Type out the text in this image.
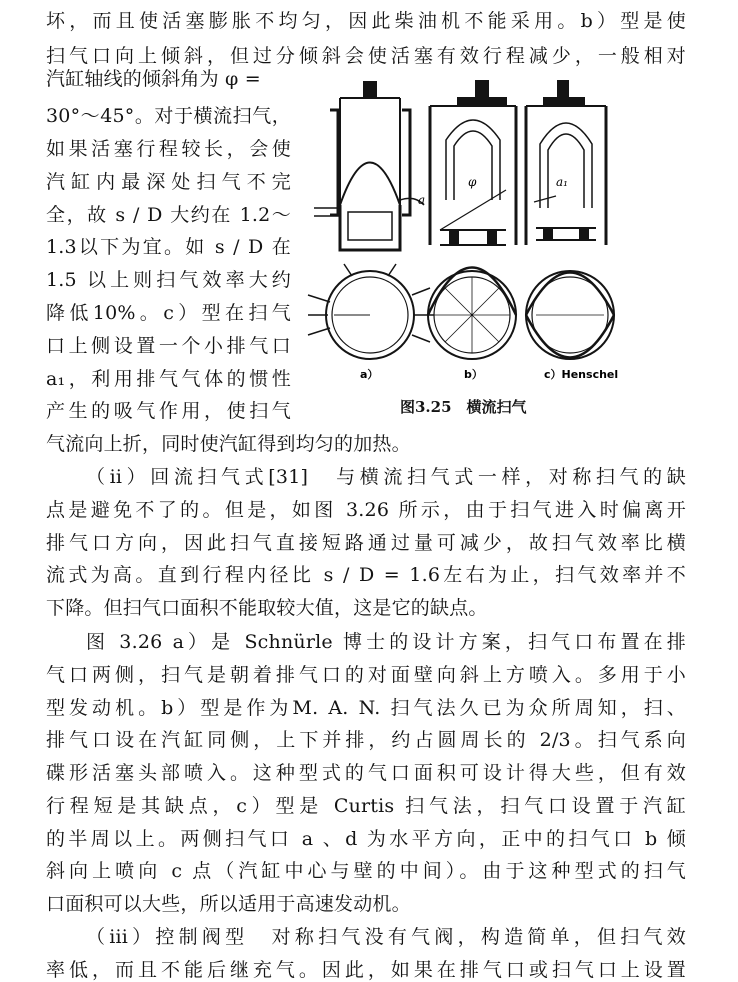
坏，而且使活塞膨胀不均匀，因此柴油机不能采用。b）型是使

扫气口向上倾斜，但过分倾斜会使活塞有效行程减少，一般相对

汽缸轴线的倾斜角为 φ =

30°～45°。对于横流扫气，

如果活塞行程较长，会使

汽缸内最深处扫气不完

全，故 s / D 大约在 1.2～

1.3以下为宜。如 s / D 在

1.5 以上则扫气效率大约

降低10%。c）型在扫气

口上侧设置一个小排气口

a₁，利用排气气体的惯性

产生的吸气作用，使扫气

气流向上折，同时使汽缸得到均匀的加热。

（ii）回流扫气式[31]　与横流扫气式一样，对称扫气的缺

点是避免不了的。但是，如图 3.26 所示，由于扫气进入时偏离开

排气口方向，因此扫气直接短路通过量可减少，故扫气效率比横

流式为高。直到行程内径比 s / D = 1.6左右为止，扫气效率并不

下降。但扫气口面积不能取较大值，这是它的缺点。

图 3.26 a）是 Schnürle 博士的设计方案，扫气口布置在排

气口两侧，扫气是朝着排气口的对面壁向斜上方喷入。多用于小

型发动机。b）型是作为M. A. N. 扫气法久已为众所周知，扫、

排气口设在汽缸同侧，上下并排，约占圆周长的 2/3。扫气系向

碟形活塞头部喷入。这种型式的气口面积可设计得大些，但有效

行程短是其缺点，c）型是 Curtis 扫气法，扫气口设置于汽缸

的半周以上。两侧扫气口 a 、d 为水平方向，正中的扫气口 b 倾

斜向上喷向 c 点（汽缸中心与壁的中间）。由于这种型式的扫气

口面积可以大些，所以适用于高速发动机。

（iii）控制阀型　对称扫气没有气阀，构造简单，但扫气效

率低，而且不能后继充气。因此，如果在排气口或扫气口上设置

a
φ	a₁
a）	b）	c）Henschel
图3.25　横流扫气
